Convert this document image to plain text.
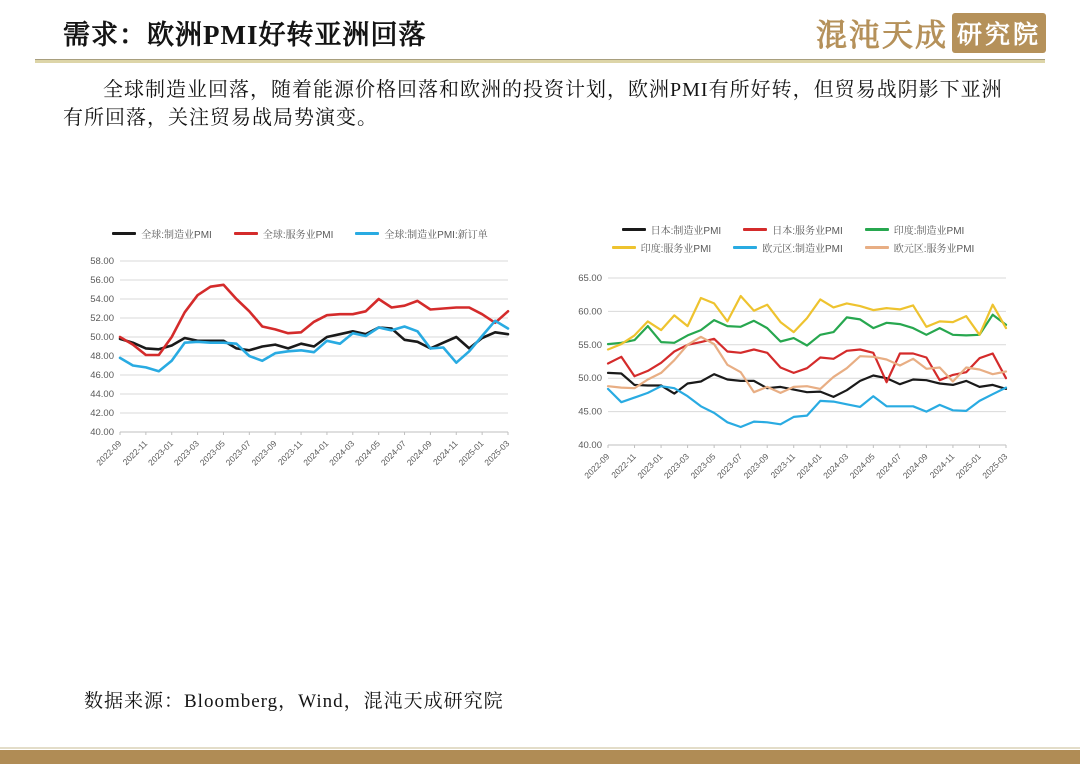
需求：欧洲PMI好转亚洲回落	混沌天成 研究院
全球制造业回落，随着能源价格回落和欧洲的投资计划，欧洲PMI有所好转，但贸易战阴影下亚洲有所回落，关注贸易战局势演变。
全球:制造业PMI	全球:服务业PMI	全球:制造业PMI:新订单
40.00
42.00
44.00
46.00
48.00
50.00
52.00
54.00
56.00
58.00
2022-09
2022-11
2023-01
2023-03
2023-05
2023-07
2023-09
2023-11
2024-01
2024-03
2024-05
2024-07
2024-09
2024-11
2025-01
2025-03
日本:制造业PMI	日本:服务业PMI	印度:制造业PMI
印度:服务业PMI	欧元区:制造业PMI	欧元区:服务业PMI
40.00
45.00
50.00
55.00
60.00
65.00
2022-09
2022-11
2023-01
2023-03
2023-05
2023-07
2023-09
2023-11
2024-01
2024-03
2024-05
2024-07
2024-09
2024-11
2025-01
2025-03
数据来源：Bloomberg，Wind，混沌天成研究院
